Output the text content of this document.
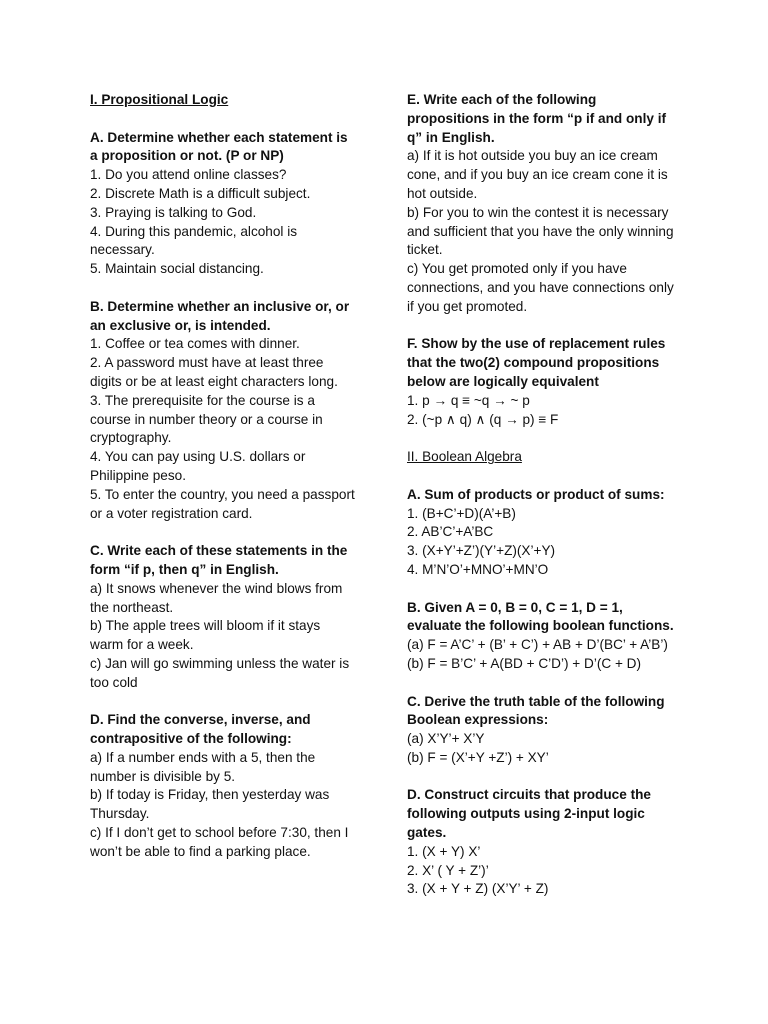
I. Propositional Logic
A. Determine whether each statement is
a proposition or not. (P or NP)
1. Do you attend online classes?
2. Discrete Math is a difficult subject.
3. Praying is talking to God.
4. During this pandemic, alcohol is
necessary.
5. Maintain social distancing.
B. Determine whether an inclusive or, or
an exclusive or, is intended.
1. Coffee or tea comes with dinner.
2. A password must have at least three
digits or be at least eight characters long.
3. The prerequisite for the course is a
course in number theory or a course in
cryptography.
4. You can pay using U.S. dollars or
Philippine peso.
5. To enter the country, you need a passport
or a voter registration card.
C. Write each of these statements in the
form “if p, then q” in English.
a) It snows whenever the wind blows from
the northeast.
b) The apple trees will bloom if it stays
warm for a week.
c) Jan will go swimming unless the water is
too cold
D. Find the converse, inverse, and
contrapositive of the following:
a) If a number ends with a 5, then the
number is divisible by 5.
b) If today is Friday, then yesterday was
Thursday.
c) If I don’t get to school before 7:30, then I
won’t be able to find a parking place.
E. Write each of the following
propositions in the form “p if and only if
q” in English.
a) If it is hot outside you buy an ice cream
cone, and if you buy an ice cream cone it is
hot outside.
b) For you to win the contest it is necessary
and sufficient that you have the only winning
ticket.
c) You get promoted only if you have
connections, and you have connections only
if you get promoted.
F. Show by the use of replacement rules
that the two(2) compound propositions
below are logically equivalent
1. p → q ≡ ~q → ~ p
2. (~p ∧ q) ∧ (q → p) ≡ F
II. Boolean Algebra
A. Sum of products or product of sums:
1. (B+C’+D)(A’+B)
2. AB’C’+A’BC
3. (X+Y’+Z’)(Y’+Z)(X’+Y)
4. M’N’O’+MNO’+MN’O
B. Given A = 0, B = 0, C = 1, D = 1,
evaluate the following boolean functions.
(a) F = A’C’ + (B’ + C’) + AB + D’(BC’ + A’B’)
(b) F = B’C’ + A(BD + C’D’) + D’(C + D)
C. Derive the truth table of the following
Boolean expressions:
(a) X’Y’+ X’Y
(b) F = (X’+Y +Z’) + XY’
D. Construct circuits that produce the
following outputs using 2-input logic
gates.
1. (X + Y) X’
2. X’ ( Y + Z’)’
3. (X + Y + Z) (X’Y’ + Z)
